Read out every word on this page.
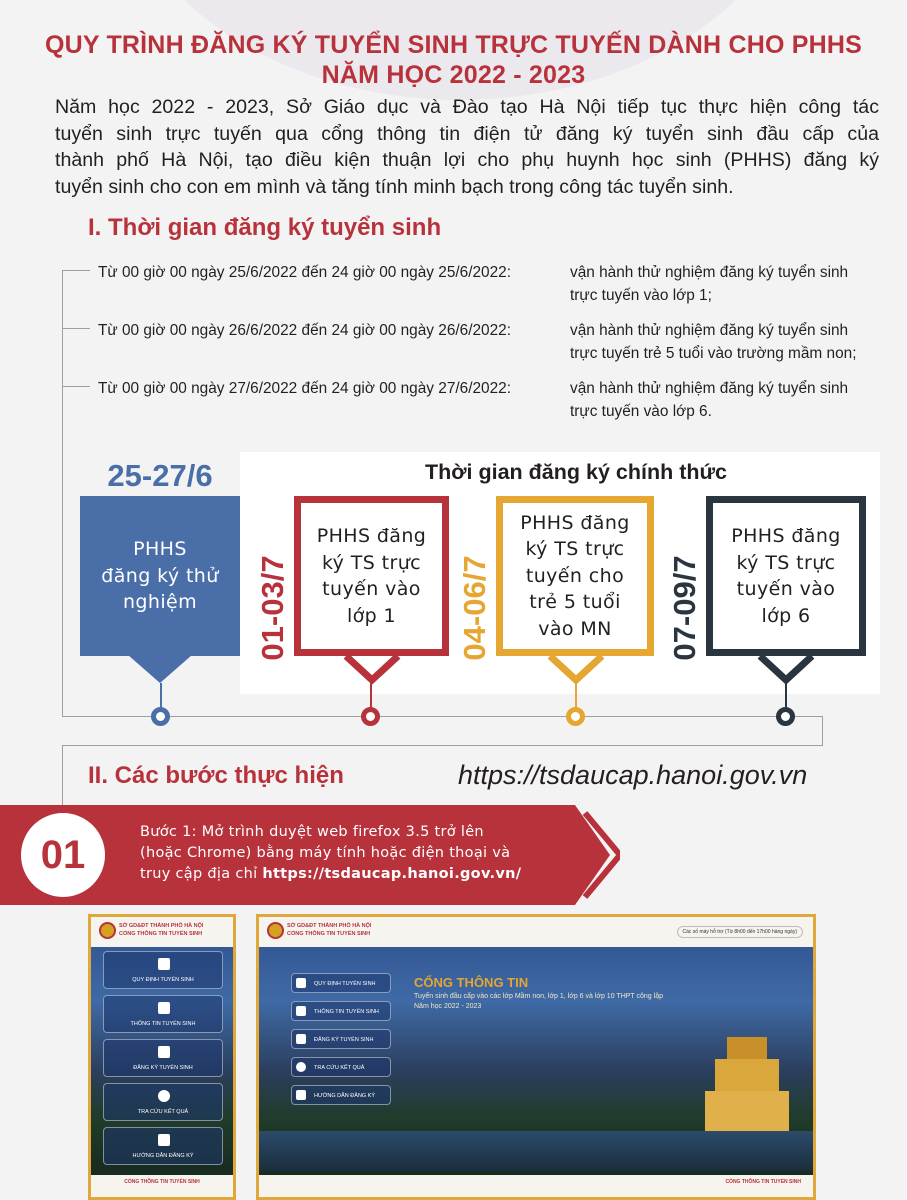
QUY TRÌNH ĐĂNG KÝ TUYỂN SINH TRỰC TUYẾN DÀNH CHO PHHS
NĂM HỌC 2022 - 2023
Năm học 2022 - 2023, Sở Giáo dục và Đào tạo Hà Nội tiếp tục thực hiện công tác
tuyển sinh trực tuyến qua cổng thông tin điện tử đăng ký tuyển sinh đầu cấp của
thành phố Hà Nội, tạo điều kiện thuận lợi cho phụ huynh học sinh (PHHS) đăng ký
tuyển sinh cho con em mình và tăng tính minh bạch trong công tác tuyển sinh.
I. Thời gian đăng ký tuyển sinh
Từ 00 giờ 00 ngày 25/6/2022 đến 24 giờ 00 ngày 25/6/2022:	vận hành thử nghiệm đăng ký tuyển sinh
trực tuyến vào lớp 1;
Từ 00 giờ 00 ngày 26/6/2022 đến 24 giờ 00 ngày 26/6/2022:	vận hành thử nghiệm đăng ký tuyển sinh
trực tuyến trẻ 5 tuổi vào trường mầm non;
Từ 00 giờ 00 ngày 27/6/2022 đến 24 giờ 00 ngày 27/6/2022:	vận hành thử nghiệm đăng ký tuyển sinh
trực tuyến vào lớp 6.
Thời gian đăng ký chính thức
25-27/6
PHHS
đăng ký thử
nghiệm	01-03/7
PHHS đăng
ký TS trực
tuyến vào
lớp 1	04-06/7
PHHS đăng
ký TS trực
tuyến cho
trẻ 5 tuổi
vào MN	07-09/7
PHHS đăng
ký TS trực
tuyến vào
lớp 6
II. Các bước thực hiện	https://tsdaucap.hanoi.gov.vn
01
Bước 1: Mở trình duyệt web firefox 3.5 trở lên
(hoặc Chrome) bằng máy tính hoặc điện thoại và
truy cập địa chỉ https://tsdaucap.hanoi.gov.vn/
SỞ GD&ĐT THÀNH PHỐ HÀ NỘI
CỔNG THÔNG TIN TUYỂN SINH
QUY ĐỊNH TUYỂN SINH
THÔNG TIN TUYỂN SINH
ĐĂNG KÝ TUYỂN SINH
TRA CỨU KẾT QUẢ
HƯỚNG DẪN ĐĂNG KÝ
CỔNG THÔNG TIN TUYỂN SINH
SỞ GD&ĐT THÀNH PHỐ HÀ NỘI
CỔNG THÔNG TIN TUYỂN SINH	Các số máy hỗ trợ (Từ 8h00 đến 17h00 hàng ngày)
CỔNG THÔNG TIN
Tuyển sinh đầu cấp vào các lớp Mầm non, lớp 1, lớp 6 và lớp 10 THPT công lập
Năm học 2022 - 2023
QUY ĐỊNH TUYỂN SINH
THÔNG TIN TUYỂN SINH
ĐĂNG KÝ TUYỂN SINH
TRA CỨU KẾT QUẢ
HƯỚNG DẪN ĐĂNG KÝ
CỔNG THÔNG TIN TUYỂN SINH
